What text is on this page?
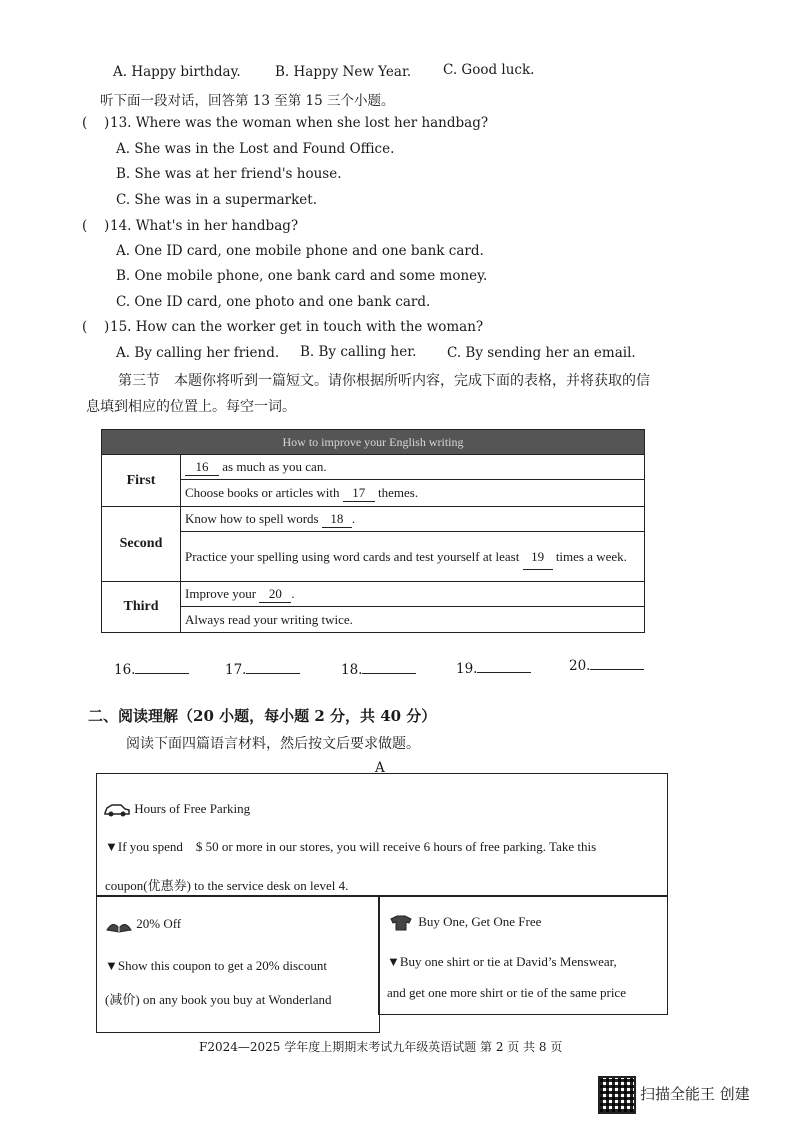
A. Happy birthday.	B. Happy New Year. C. Good luck.
听下面一段对话，回答第 13 至第 15 三个小题。
( ) 13. Where was the woman when she lost her handbag?
A. She was in the Lost and Found Office.
B. She was at her friend's house.
C. She was in a supermarket.
( ) 14. What's in her handbag?
A. One ID card, one mobile phone and one bank card.
B. One mobile phone, one bank card and some money.
C. One ID card, one photo and one bank card.
( ) 15. How can the worker get in touch with the woman?
A. By calling her friend. B. By calling her. C. By sending her an email.
第三节　本题你将听到一篇短文。请你根据所听内容，完成下面的表格，并将获取的信
息填到相应的位置上。每空一词。
How to improve your English writing	
First	16 as much as you can.
	Choose books or articles with 17 themes.
Second	Know how to spell words 18 .
	Practice your spelling using word cards and test yourself at least 19 times a week.
Third	Improve your 20 .
	Always read your writing twice.
16.	17.	18.	19.	20.
二、阅读理解（20 小题，每小题 2 分，共 40 分）
阅读下面四篇语言材料，然后按文后要求做题。
A
Hours of Free Parking
▼If you spend　$ 50 or more in our stores, you will receive 6 hours of free parking. Take this
coupon(优惠券) to the service desk on level 4.
20% Off
▼Show this coupon to get a 20% discount
(减价) on any book you buy at Wonderland
Buy One, Get One Free
▼Buy one shirt or tie at David’s Menswear,
and get one more shirt or tie of the same price
F2024—2025 学年度上期期末考试九年级英语试题 第 2 页 共 8 页
扫描全能王 创建
